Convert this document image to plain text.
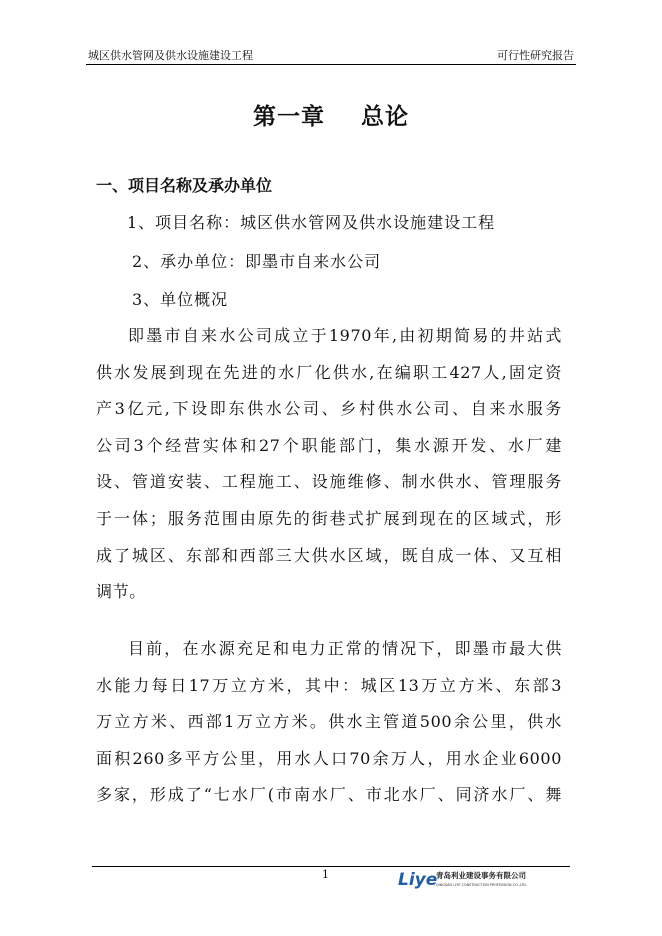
城区供水管网及供水设施建设工程	可行性研究报告
第一章 总论
一、项目名称及承办单位
1、项目名称：城区供水管网及供水设施建设工程
2、承办单位：即墨市自来水公司
3、单位概况
即墨市自来水公司成立于1970年,由初期简易的井站式
供水发展到现在先进的水厂化供水,在编职工427人,固定资
产3亿元,下设即东供水公司、乡村供水公司、自来水服务
公司3个经营实体和27个职能部门，集水源开发、水厂建
设、管道安装、工程施工、设施维修、制水供水、管理服务
于一体；服务范围由原先的街巷式扩展到现在的区域式，形
成了城区、东部和西部三大供水区域，既自成一体、又互相
调节。
目前，在水源充足和电力正常的情况下，即墨市最大供
水能力每日17万立方米，其中：城区13万立方米、东部3
万立方米、西部1万立方米。供水主管道500余公里，供水
面积260多平方公里，用水人口70余万人，用水企业6000
多家，形成了“七水厂(市南水厂、市北水厂、同济水厂、舞
1	Liye
青岛利业建设事务有限公司
QINGDAO LIYE CONSTRUCTION PROFESSION CO.,LTD.
